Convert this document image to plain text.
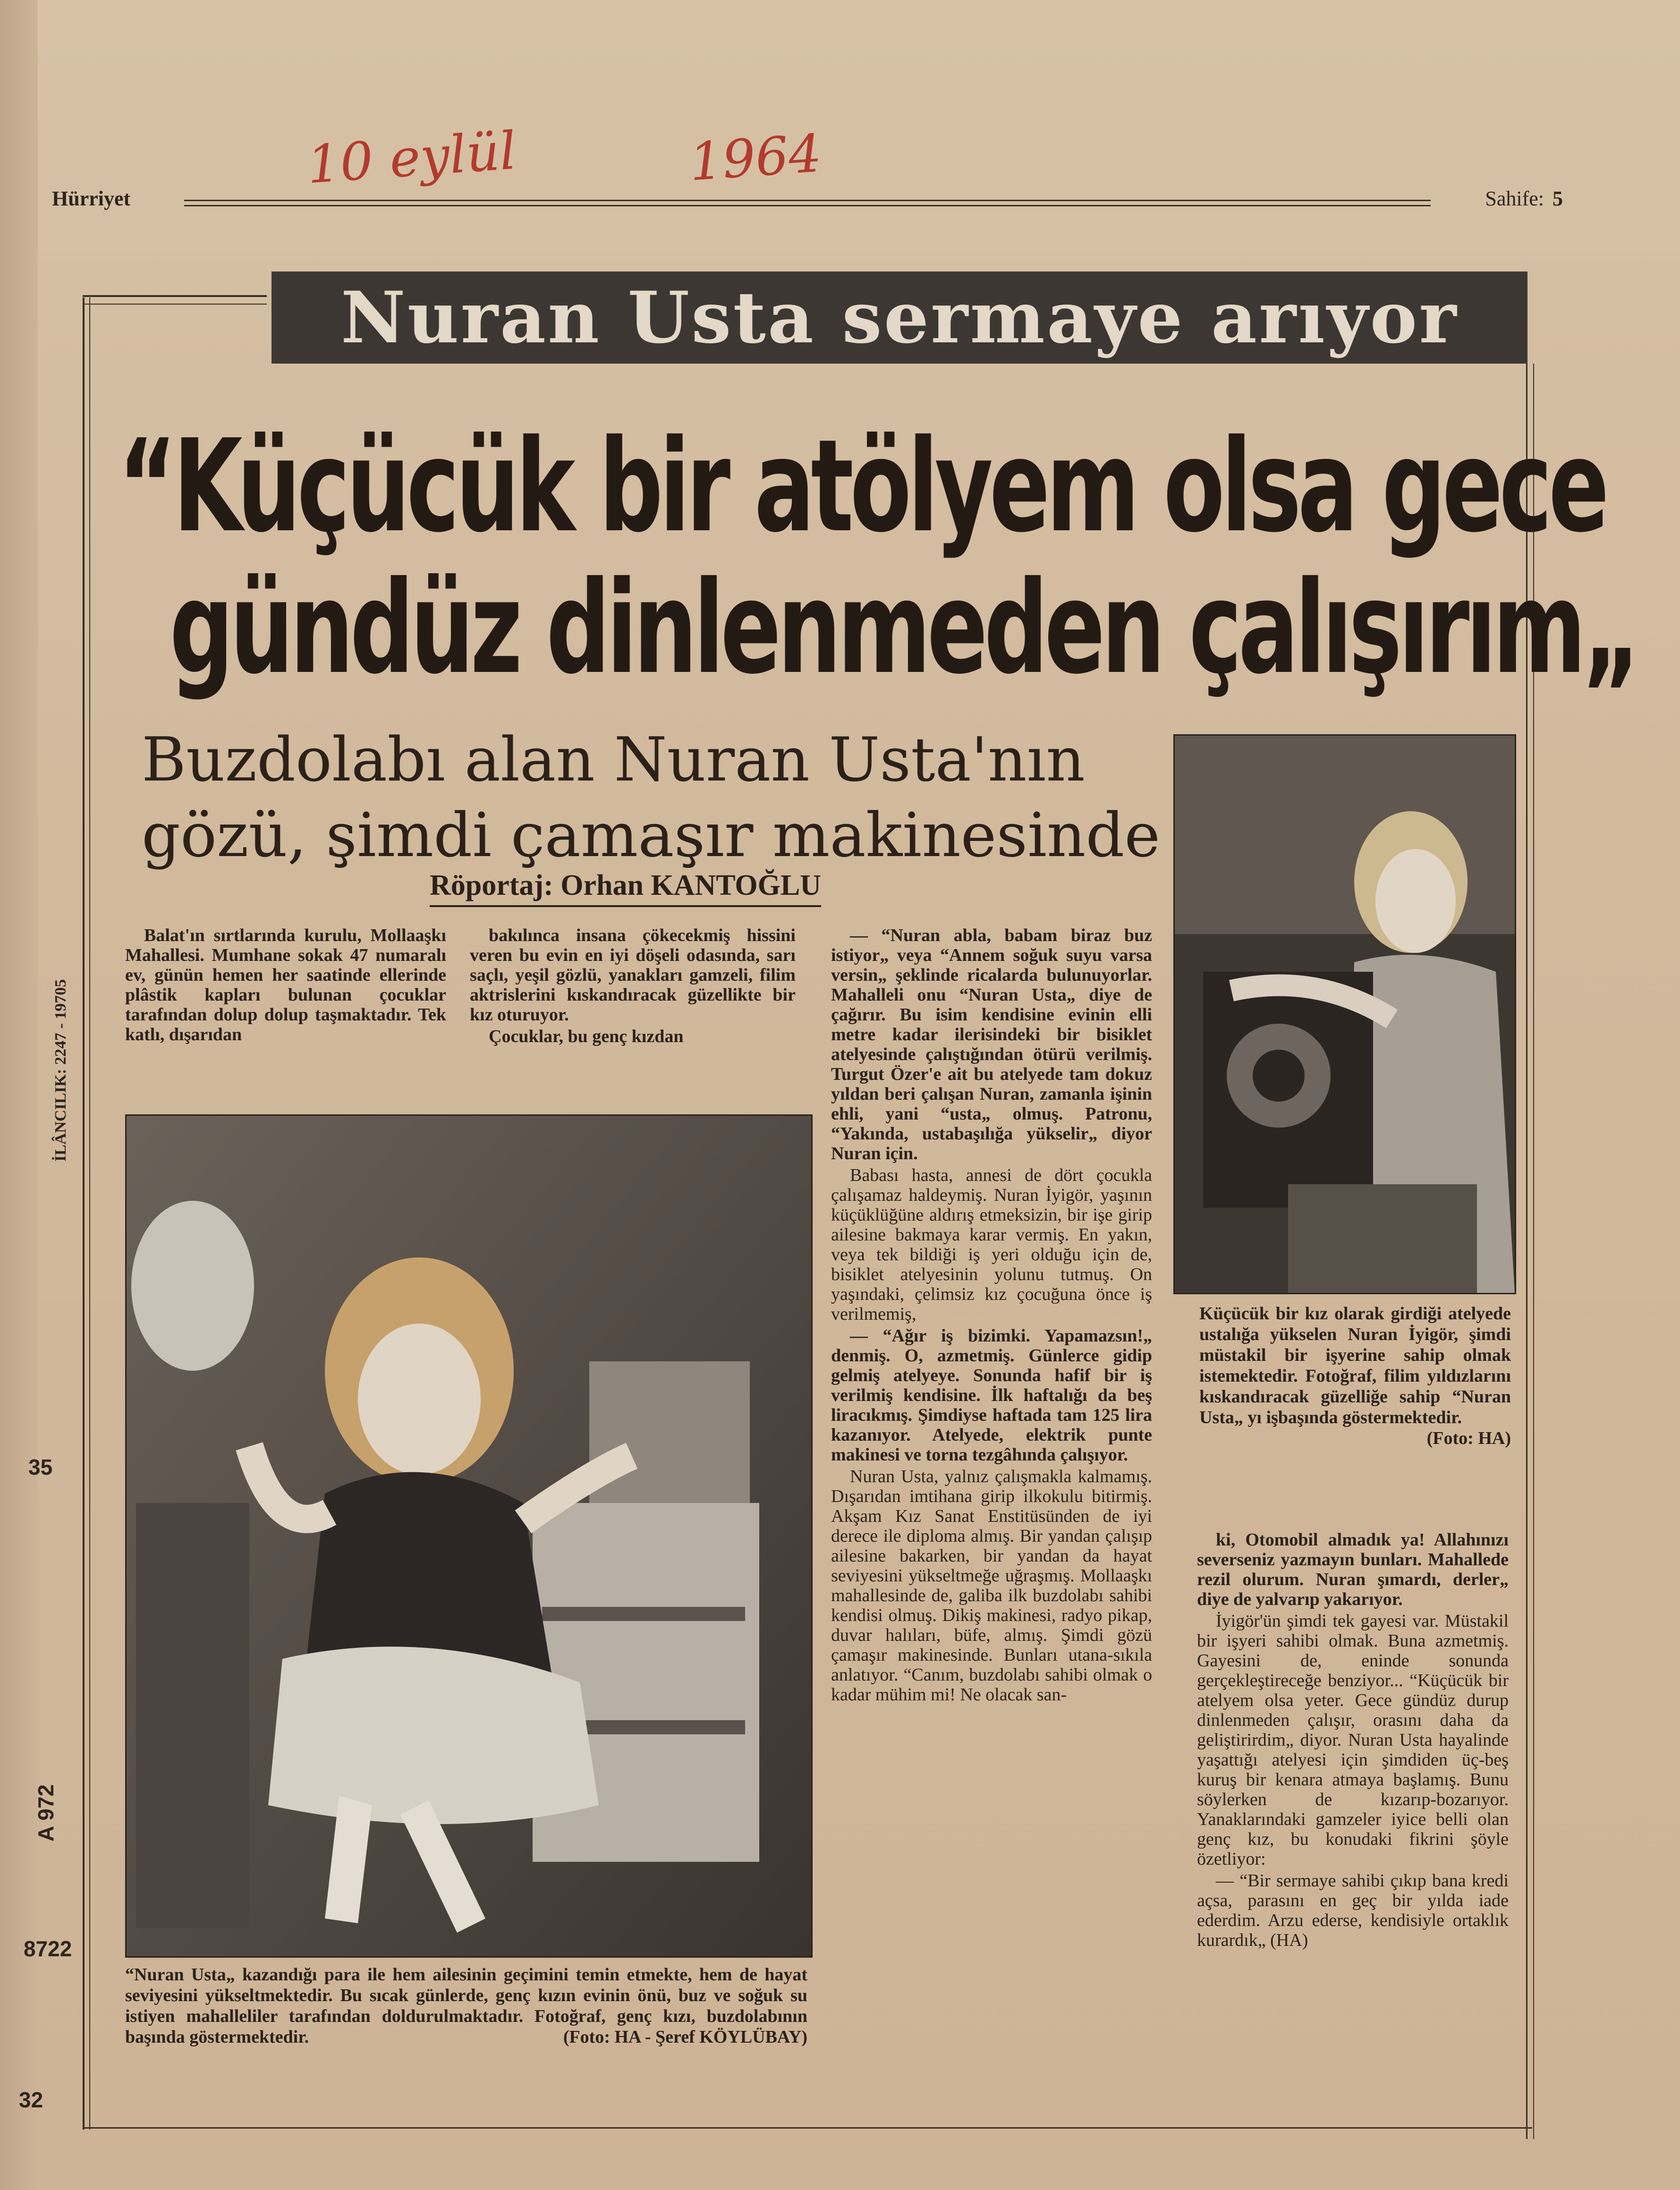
Hürriyet	Sahife: 5
10 eylül	1964
Nuran Usta sermaye arıyor
“Küçücük bir atölyem olsa gece
gündüz dinlenmeden çalışırım„
Buzdolabı alan Nuran Usta'nın
gözü, şimdi çamaşır makinesinde
Röportaj: Orhan KANTOĞLU
İLÂNCILIK: 2247 - 19705

Balat'ın sırtlarında kurulu, Mollaaşkı Mahallesi. Mumhane sokak 47 numaralı ev, günün hemen her saatinde ellerinde plâstik kapları bulunan çocuklar tarafından dolup dolup taşmaktadır. Tek katlı, dışarıdan

bakılınca insana çökecekmiş hissini veren bu evin en iyi döşeli odasında, sarı saçlı, yeşil gözlü, yanakları gamzeli, filim aktrislerini kıskandıracak güzellikte bir kız oturuyor.

Çocuklar, bu genç kızdan

— “Nuran abla, babam biraz buz istiyor„ veya “Annem soğuk suyu varsa versin„ şeklinde ricalarda bulunuyorlar. Mahalleli onu “Nuran Usta„ diye de çağırır. Bu isim kendisine evinin elli metre kadar ilerisindeki bir bisiklet atelyesinde çalıştığından ötürü verilmiş. Turgut Özer'e ait bu atelyede tam dokuz yıldan beri çalışan Nuran, zamanla işinin ehli, yani “usta„ olmuş. Patronu, “Yakında, ustabaşılığa yükselir„ diyor Nuran için.

Babası hasta, annesi de dört çocukla çalışamaz haldeymiş. Nuran İyigör, yaşının küçüklüğüne aldırış etmeksizin, bir işe girip ailesine bakmaya karar vermiş. En yakın, veya tek bildiği iş yeri olduğu için de, bisiklet atelyesinin yolunu tutmuş. On yaşındaki, çelimsiz kız çocuğuna önce iş verilmemiş,

— “Ağır iş bizimki. Yapamazsın!„ denmiş. O, azmetmiş. Günlerce gidip gelmiş atelyeye. Sonunda hafif bir iş verilmiş kendisine. İlk haftalığı da beş liracıkmış. Şimdiyse haftada tam 125 lira kazanıyor. Atelyede, elektrik punte makinesi ve torna tezgâhında çalışıyor.

Nuran Usta, yalnız çalışmakla kalmamış. Dışarıdan imtihana girip ilkokulu bitirmiş. Akşam Kız Sanat Enstitüsünden de iyi derece ile diploma almış. Bir yandan çalışıp ailesine bakarken, bir yandan da hayat seviyesini yükseltmeğe uğraşmış. Mollaaşkı mahallesinde de, galiba ilk buzdolabı sahibi kendisi olmuş. Dikiş makinesi, radyo pikap, duvar halıları, büfe, almış. Şimdi gözü çamaşır makinesinde. Bunları utana-sıkıla anlatıyor. “Canım, buzdolabı sahibi olmak o kadar mühim mi! Ne olacak san-

ki, Otomobil almadık ya! Allahınızı severseniz yazmayın bunları. Mahallede rezil olurum. Nuran şımardı, derler„ diye de yalvarıp yakarıyor.

İyigör'ün şimdi tek gayesi var. Müstakil bir işyeri sahibi olmak. Buna azmetmiş. Gayesini de, eninde sonunda gerçekleştireceğe benziyor... “Küçücük bir atelyem olsa yeter. Gece gündüz durup dinlenmeden çalışır, orasını daha da geliştirirdim„ diyor. Nuran Usta hayalinde yaşattığı atelyesi için şimdiden üç-beş kuruş bir kenara atmaya başlamış. Bunu söylerken de kızarıp-bozarıyor. Yanaklarındaki gamzeler iyice belli olan genç kız, bu konudaki fikrini şöyle özetliyor:

— “Bir sermaye sahibi çıkıp bana kredi açsa, parasını en geç bir yılda iade ederdim. Arzu ederse, kendisiyle ortaklık kurardık„ (HA)

“Nuran Usta„ kazandığı para ile hem ailesinin geçimini temin etmekte, hem de hayat seviyesini yükseltmektedir. Bu sıcak günlerde, genç kızın evinin önü, buz ve soğuk su istiyen mahalleliler tarafından doldurulmaktadır. Fotoğraf, genç kızı, buzdolabının başında göstermektedir.	(Foto: HA - Şeref KÖYLÜBAY)
Küçücük bir kız olarak girdiği atelyede ustalığa yükselen Nuran İyigör, şimdi müstakil bir işyerine sahip olmak istemektedir. Fotoğraf, filim yıldızlarını kıskandıracak güzelliğe sahip “Nuran Usta„ yı işbaşında göstermektedir.
(Foto: HA)
35
A 972
8722
32
